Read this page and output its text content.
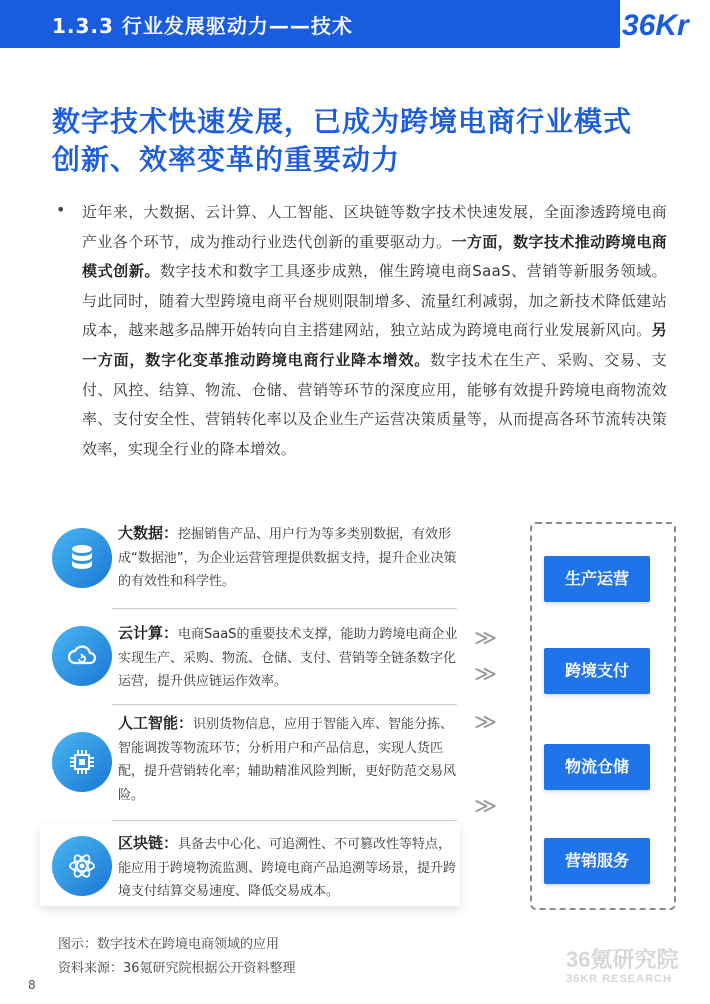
1.3.3 行业发展驱动力——技术	36Kr
数字技术快速发展，已成为跨境电商行业模式
创新、效率变革的重要动力
• 近年来，大数据、云计算、人工智能、区块链等数字技术快速发展，全面渗透跨境电商产业各个环节，成为推动行业迭代创新的重要驱动力。一方面，数字技术推动跨境电商模式创新。数字技术和数字工具逐步成熟，催生跨境电商SaaS、营销等新服务领域。与此同时，随着大型跨境电商平台规则限制增多、流量红利减弱，加之新技术降低建站成本，越来越多品牌开始转向自主搭建网站，独立站成为跨境电商行业发展新风向。另一方面，数字化变革推动跨境电商行业降本增效。数字技术在生产、采购、交易、支付、风控、结算、物流、仓储、营销等环节的深度应用，能够有效提升跨境电商物流效率、支付安全性、营销转化率以及企业生产运营决策质量等，从而提高各环节流转决策效率，实现全行业的降本增效。
大数据：挖掘销售产品、用户行为等多类别数据，有效形成“数据池”，为企业运营管理提供数据支持，提升企业决策的有效性和科学性。
云计算：电商SaaS的重要技术支撑，能助力跨境电商企业实现生产、采购、物流、仓储、支付、营销等全链条数字化运营，提升供应链运作效率。
人工智能：识别货物信息，应用于智能入库、智能分拣、智能调拨等物流环节；分析用户和产品信息，实现人货匹配，提升营销转化率；辅助精准风险判断，更好防范交易风险。
区块链：具备去中心化、可追溯性、不可篡改性等特点，能应用于跨境物流监测、跨境电商产品追溯等场景，提升跨境支付结算交易速度、降低交易成本。
≫
≫
≫
≫
生产运营
跨境支付
物流仓储
营销服务
图示：数字技术在跨境电商领域的应用
资料来源：36氪研究院根据公开资料整理	36氪研究院
36KR RESEARCH
8
